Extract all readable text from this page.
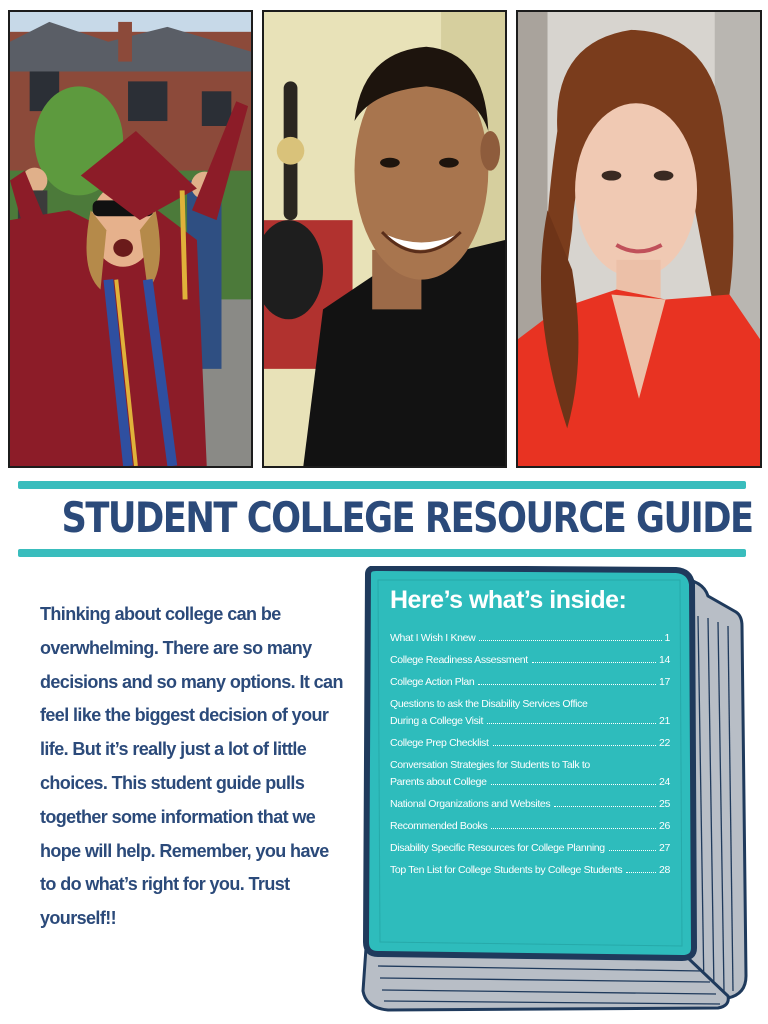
STUDENT COLLEGE RESOURCE GUIDE

Thinking about college can be overwhelming. There are so many decisions and so many options. It can feel like the biggest decision of your life. But it’s really just a lot of little choices. This student guide pulls together some information that we hope will help. Remember, you have to do what’s right for you. Trust yourself!!

Here’s what’s inside:
What I Wish I Knew	1
College Readiness Assessment	14
College Action Plan	17
Questions to ask the Disability Services Office
During a College Visit	21
College Prep Checklist	22
Conversation Strategies for Students to Talk to
Parents about College	24
National Organizations and Websites	25
Recommended Books	26
Disability Specific Resources for College Planning	27
Top Ten List for College Students by College Students	28
